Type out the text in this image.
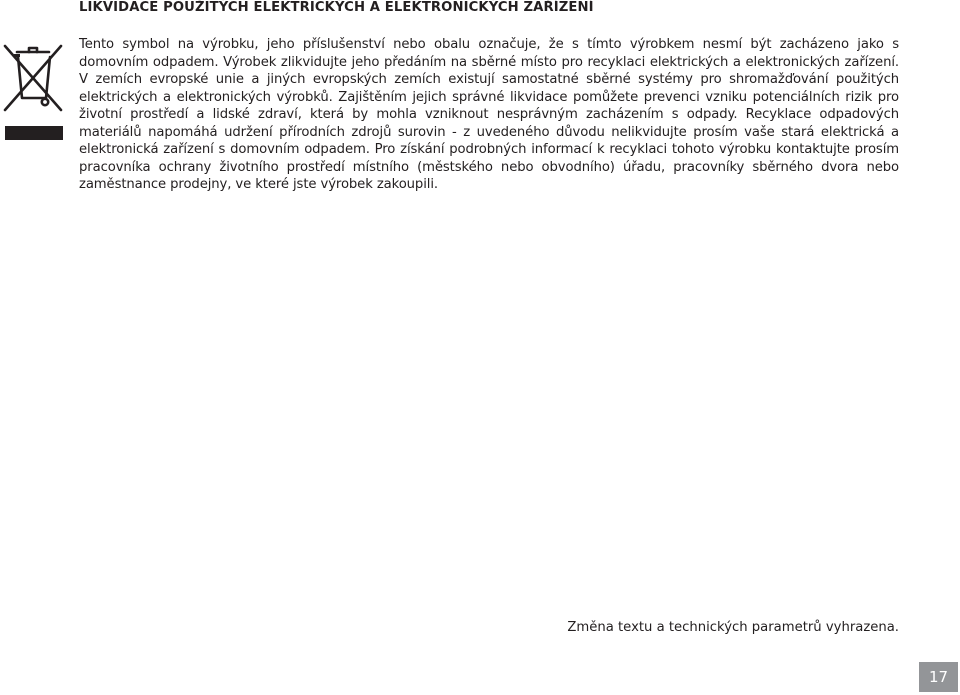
LIKVIDACE POUŽITÝCH ELEKTRICKÝCH A ELEKTRONICKÝCH ZAŘÍZENÍ

Tento symbol na výrobku, jeho příslušenství nebo obalu označuje, že s tímto výrobkem nesmí být zacházeno jako s domovním odpadem. Výrobek zlikvidujte jeho předáním na sběrné místo pro recyklaci elektrických a elektronických zařízení. V zemích evropské unie a jiných evropských zemích existují samostatné sběrné systémy pro shromažďování použitých elektrických a elektronických výrobků. Zajištěním jejich správné likvidace pomůžete prevenci vzniku potenciálních rizik pro životní prostředí a lidské zdraví, která by mohla vzniknout nesprávným zacházením s odpady. Recyklace odpadových materiálů napomáhá udržení přírodních zdrojů surovin - z uvedeného důvodu nelikvidujte prosím vaše stará elektrická a elektronická zařízení s domovním odpadem. Pro získání podrobných informací k recyklaci tohoto výrobku kontaktujte prosím pracovníka ochrany životního prostředí místního (městského nebo obvodního) úřadu, pracovníky sběrného dvora nebo zaměstnance prodejny, ve které jste výrobek zakoupili.

Změna textu a technických parametrů vyhrazena.
17
